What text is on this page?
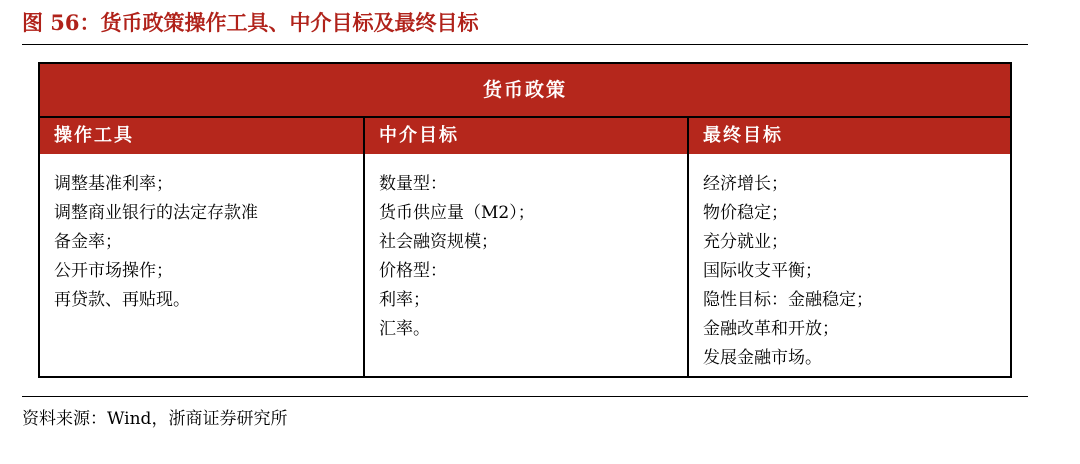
图 56：货币政策操作工具、中介目标及最终目标
货币政策
操作工具	中介目标	最终目标
调整基准利率；
调整商业银行的法定存款准
备金率；
公开市场操作；
再贷款、再贴现。
数量型：
货币供应量（M2）；
社会融资规模；
价格型：
利率；
汇率。
经济增长；
物价稳定；
充分就业；
国际收支平衡；
隐性目标：金融稳定；
金融改革和开放；
发展金融市场。
资料来源：Wind，浙商证券研究所
